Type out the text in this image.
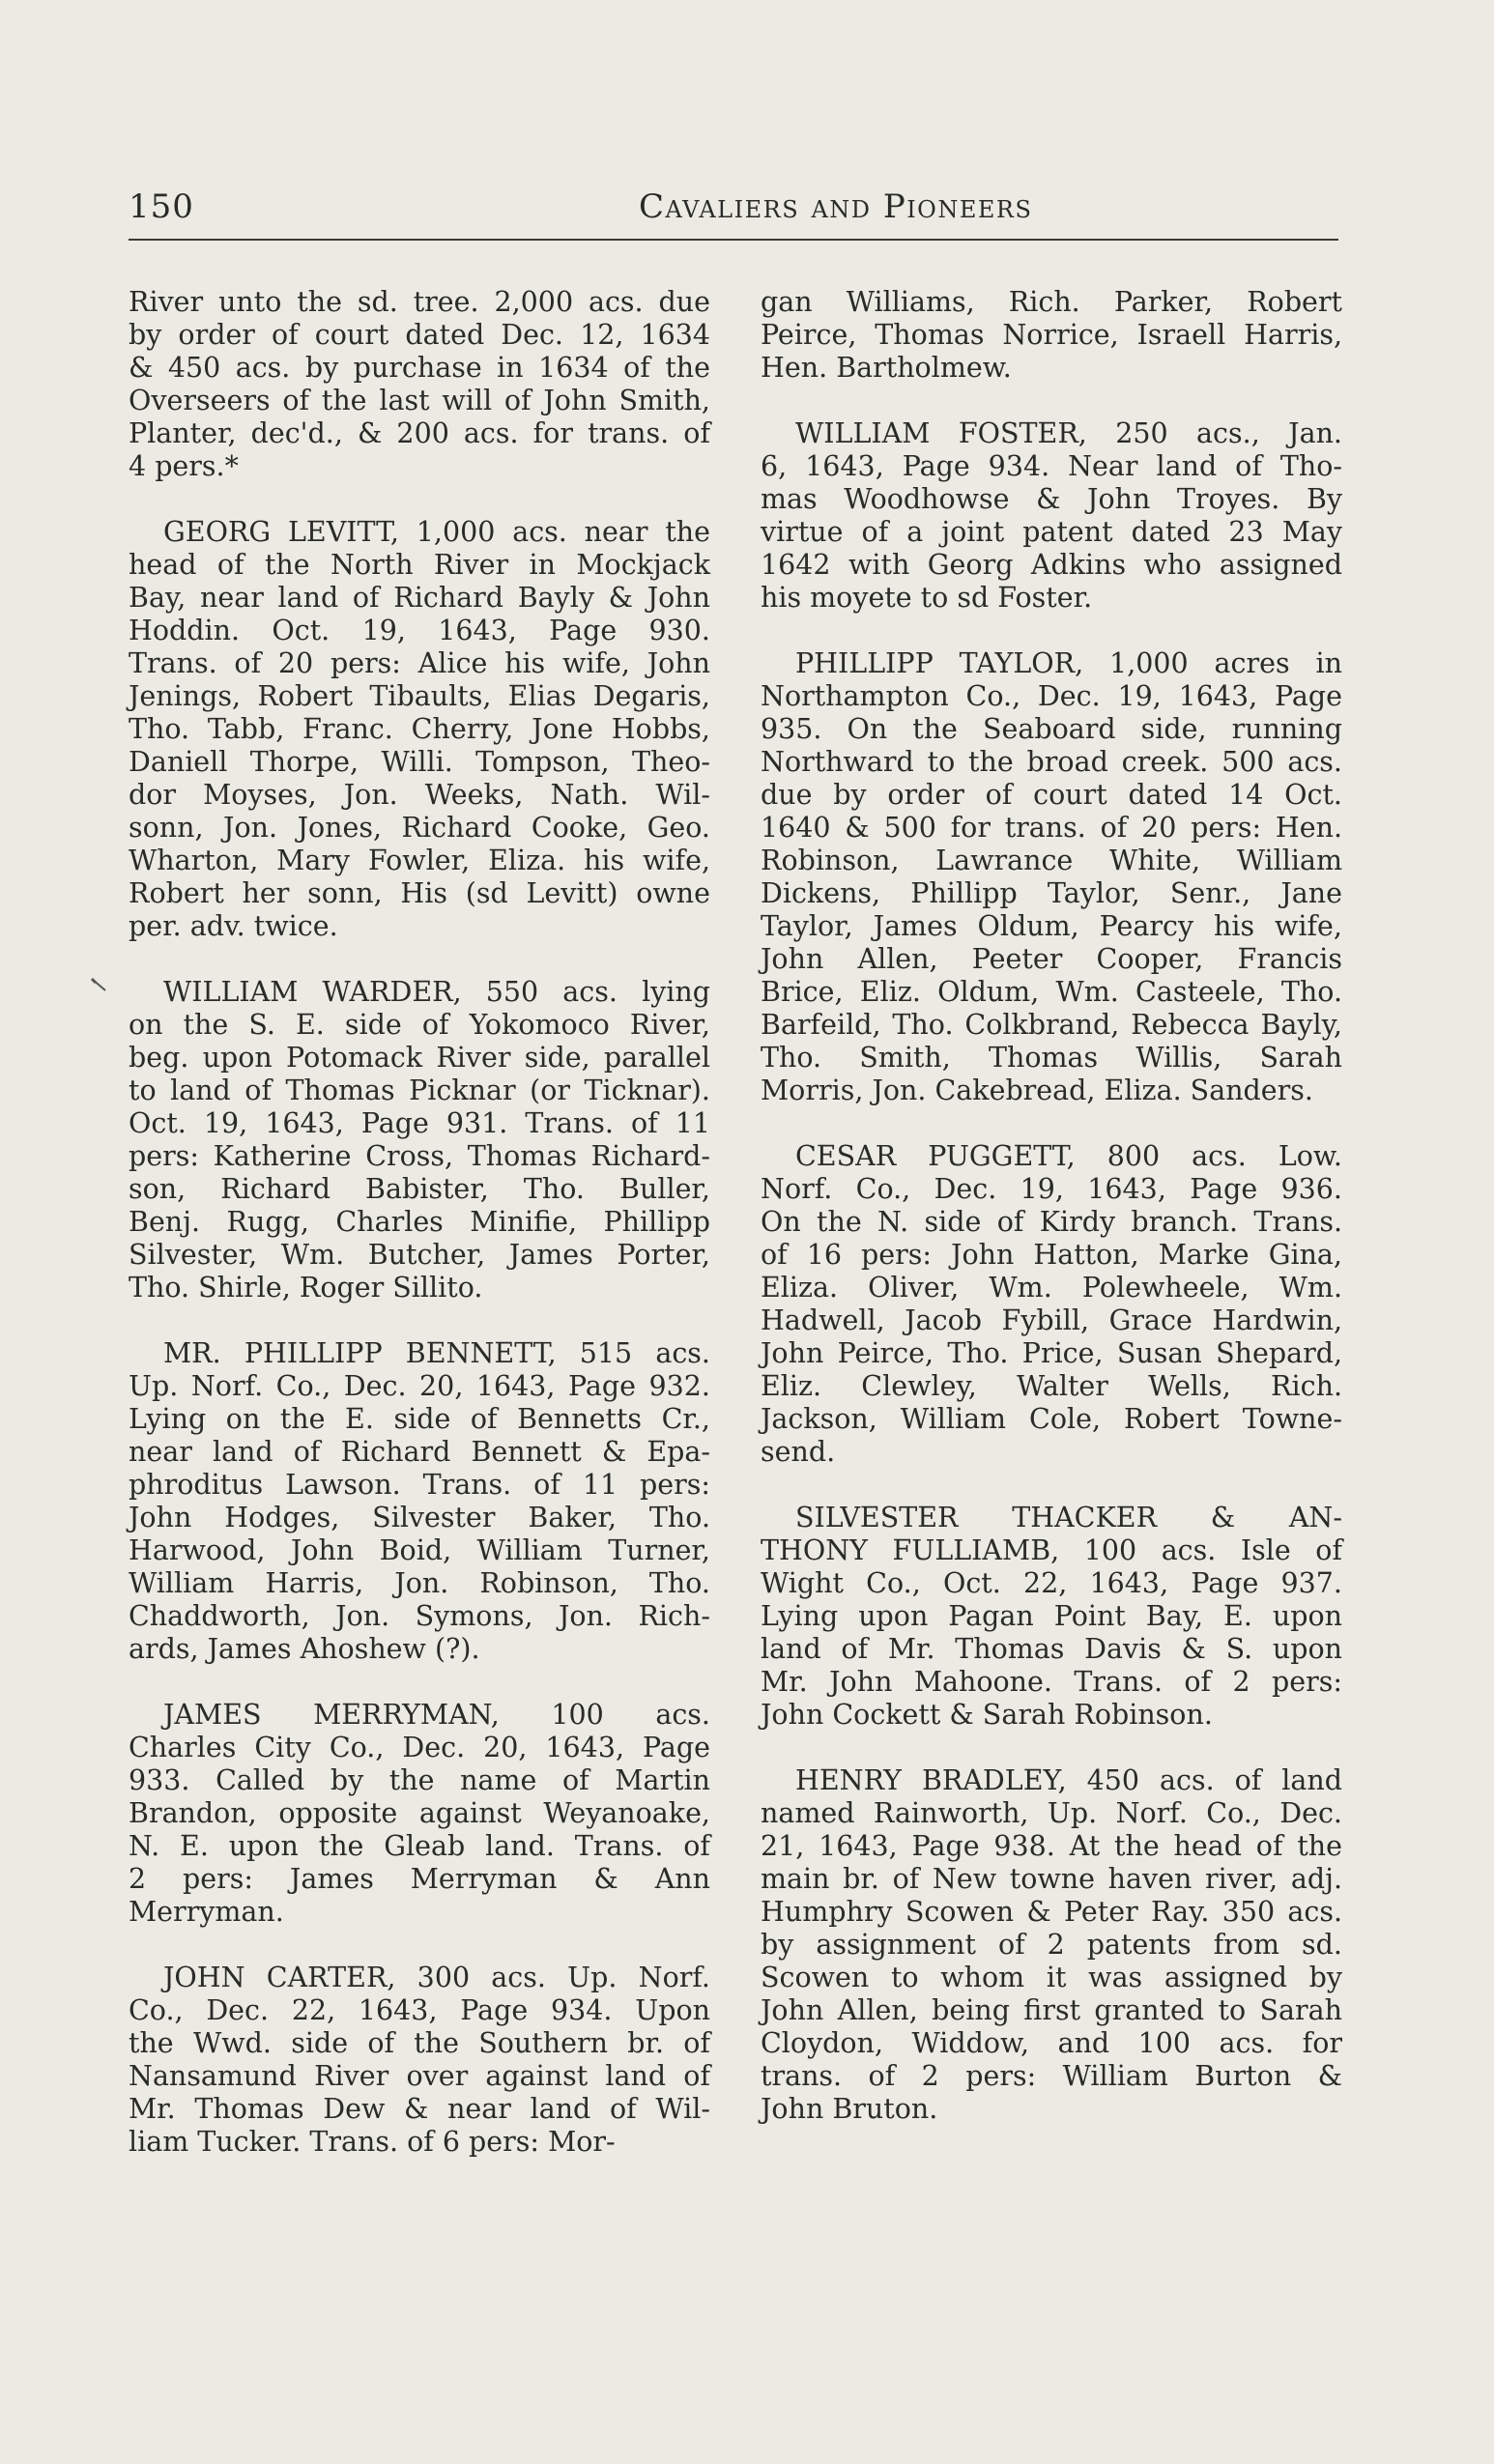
150	Cavaliers and Pioneers
River unto the sd. tree. 2,000 acs. due
by order of court dated Dec. 12, 1634
& 450 acs. by purchase in 1634 of the
Overseers of the last will of John Smith,
Planter, dec'd., & 200 acs. for trans. of
4 pers.*
GEORG LEVITT, 1,000 acs. near the
head of the North River in Mockjack
Bay, near land of Richard Bayly & John
Hoddin. Oct. 19, 1643, Page 930.
Trans. of 20 pers: Alice his wife, John
Jenings, Robert Tibaults, Elias Degaris,
Tho. Tabb, Franc. Cherry, Jone Hobbs,
Daniell Thorpe, Willi. Tompson, Theo-
dor Moyses, Jon. Weeks, Nath. Wil-
sonn, Jon. Jones, Richard Cooke, Geo.
Wharton, Mary Fowler, Eliza. his wife,
Robert her sonn, His (sd Levitt) owne
per. adv. twice.
WILLIAM WARDER, 550 acs. lying
on the S. E. side of Yokomoco River,
beg. upon Potomack River side, parallel
to land of Thomas Picknar (or Ticknar).
Oct. 19, 1643, Page 931. Trans. of 11
pers: Katherine Cross, Thomas Richard-
son, Richard Babister, Tho. Buller,
Benj. Rugg, Charles Minifie, Phillipp
Silvester, Wm. Butcher, James Porter,
Tho. Shirle, Roger Sillito.
MR. PHILLIPP BENNETT, 515 acs.
Up. Norf. Co., Dec. 20, 1643, Page 932.
Lying on the E. side of Bennetts Cr.,
near land of Richard Bennett & Epa-
phroditus Lawson. Trans. of 11 pers:
John Hodges, Silvester Baker, Tho.
Harwood, John Boid, William Turner,
William Harris, Jon. Robinson, Tho.
Chaddworth, Jon. Symons, Jon. Rich-
ards, James Ahoshew (?).
JAMES MERRYMAN, 100 acs.
Charles City Co., Dec. 20, 1643, Page
933. Called by the name of Martin
Brandon, opposite against Weyanoake,
N. E. upon the Gleab land. Trans. of
2 pers: James Merryman & Ann
Merryman.
JOHN CARTER, 300 acs. Up. Norf.
Co., Dec. 22, 1643, Page 934. Upon
the Wwd. side of the Southern br. of
Nansamund River over against land of
Mr. Thomas Dew & near land of Wil-
liam Tucker. Trans. of 6 pers: Mor-
gan Williams, Rich. Parker, Robert
Peirce, Thomas Norrice, Israell Harris,
Hen. Bartholmew.
WILLIAM FOSTER, 250 acs., Jan.
6, 1643, Page 934. Near land of Tho-
mas Woodhowse & John Troyes. By
virtue of a joint patent dated 23 May
1642 with Georg Adkins who assigned
his moyete to sd Foster.
PHILLIPP TAYLOR, 1,000 acres in
Northampton Co., Dec. 19, 1643, Page
935. On the Seaboard side, running
Northward to the broad creek. 500 acs.
due by order of court dated 14 Oct.
1640 & 500 for trans. of 20 pers: Hen.
Robinson, Lawrance White, William
Dickens, Phillipp Taylor, Senr., Jane
Taylor, James Oldum, Pearcy his wife,
John Allen, Peeter Cooper, Francis
Brice, Eliz. Oldum, Wm. Casteele, Tho.
Barfeild, Tho. Colkbrand, Rebecca Bayly,
Tho. Smith, Thomas Willis, Sarah
Morris, Jon. Cakebread, Eliza. Sanders.
CESAR PUGGETT, 800 acs. Low.
Norf. Co., Dec. 19, 1643, Page 936.
On the N. side of Kirdy branch. Trans.
of 16 pers: John Hatton, Marke Gina,
Eliza. Oliver, Wm. Polewheele, Wm.
Hadwell, Jacob Fybill, Grace Hardwin,
John Peirce, Tho. Price, Susan Shepard,
Eliz. Clewley, Walter Wells, Rich.
Jackson, William Cole, Robert Towne-
send.
SILVESTER THACKER & AN-
THONY FULLIAMB, 100 acs. Isle of
Wight Co., Oct. 22, 1643, Page 937.
Lying upon Pagan Point Bay, E. upon
land of Mr. Thomas Davis & S. upon
Mr. John Mahoone. Trans. of 2 pers:
John Cockett & Sarah Robinson.
HENRY BRADLEY, 450 acs. of land
named Rainworth, Up. Norf. Co., Dec.
21, 1643, Page 938. At the head of the
main br. of New towne haven river, adj.
Humphry Scowen & Peter Ray. 350 acs.
by assignment of 2 patents from sd.
Scowen to whom it was assigned by
John Allen, being first granted to Sarah
Cloydon, Widdow, and 100 acs. for
trans. of 2 pers: William Burton &
John Bruton.
